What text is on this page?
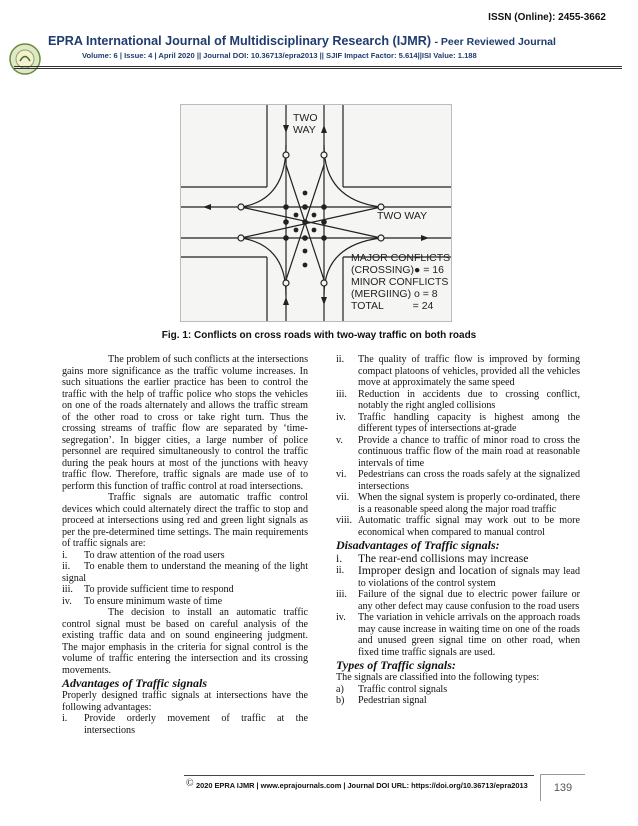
ISSN (Online): 2455-3662
EPRA International Journal of Multidisciplinary Research (IJMR) - Peer Reviewed Journal
Volume: 6 | Issue: 4 | April 2020 || Journal DOI: 10.36713/epra2013 || SJIF Impact Factor: 5.614||ISI Value: 1.188
TWO
WAY
TWO WAY
MAJOR CONFLICTS
(CROSSING)● = 16
MINOR CONFLICTS
(MERGIING) o = 8
TOTAL          = 24
Fig. 1: Conflicts on cross roads with two-way traffic on both roads

The problem of such conflicts at the intersections gains more significance as the traffic volume increases. In such situations the earlier practice has been to control the traffic with the help of traffic police who stops the vehicles on one of the roads alternately and allows the traffic stream of the other road to cross or take right turn. Thus the crossing streams of traffic flow are separated by ‘time- segregation’. In bigger cities, a large number of police personnel are required simultaneously to control the traffic during the peak hours at most of the junctions with heavy traffic flow. Therefore, traffic signals are made use of to perform this function of traffic control at road intersections.

Traffic signals are automatic traffic control devices which could alternately direct the traffic to stop and proceed at intersections using red and green light signals as per the pre-determined time settings. The main requirements of traffic signals are:

i.	To draw attention of the road users
ii. To enable them to understand the meaning of the light signal
iii.	To provide sufficient time to respond
iv.	To ensure minimum waste of time

The decision to install an automatic traffic control signal must be based on careful analysis of the existing traffic data and on sound engineering judgment. The major emphasis in the criteria for signal control is the volume of traffic entering the intersection and its crossing movements.

Advantages of Traffic signals

Properly designed traffic signals at intersections have the following advantages:

i.	Provide orderly movement of traffic at the intersections
ii.	The quality of traffic flow is improved by forming compact platoons of vehicles, provided all the vehicles move at approximately the same speed
iii.	Reduction in accidents due to crossing conflict, notably the right angled collisions
iv.	Traffic handling capacity is highest among the different types of intersections at-grade
v.	Provide a chance to traffic of minor road to cross the continuous traffic flow of the main road at reasonable intervals of time
vi.	Pedestrians can cross the roads safely at the signalized intersections
vii. When the signal system is properly co-ordinated, there is a reasonable speed along the major road traffic
viii. Automatic traffic signal may work out to be more economical when compared to manual control

Disadvantages of Traffic signals:

i.	The rear-end collisions may increase
ii.	Improper design and location of signals may lead to violations of the control system
iii.	Failure of the signal due to electric power failure or any other defect may cause confusion to the road users
iv.	The variation in vehicle arrivals on the approach roads may cause increase in waiting time on one of the roads and unused green signal time on other road, when fixed time traffic signals are used.

Types of Traffic signals:

The signals are classified into the following types:

a)	Traffic control signals
b)	Pedestrian signal
© 2020 EPRA IJMR | www.eprajournals.com | Journal DOI URL: https://doi.org/10.36713/epra2013	139
